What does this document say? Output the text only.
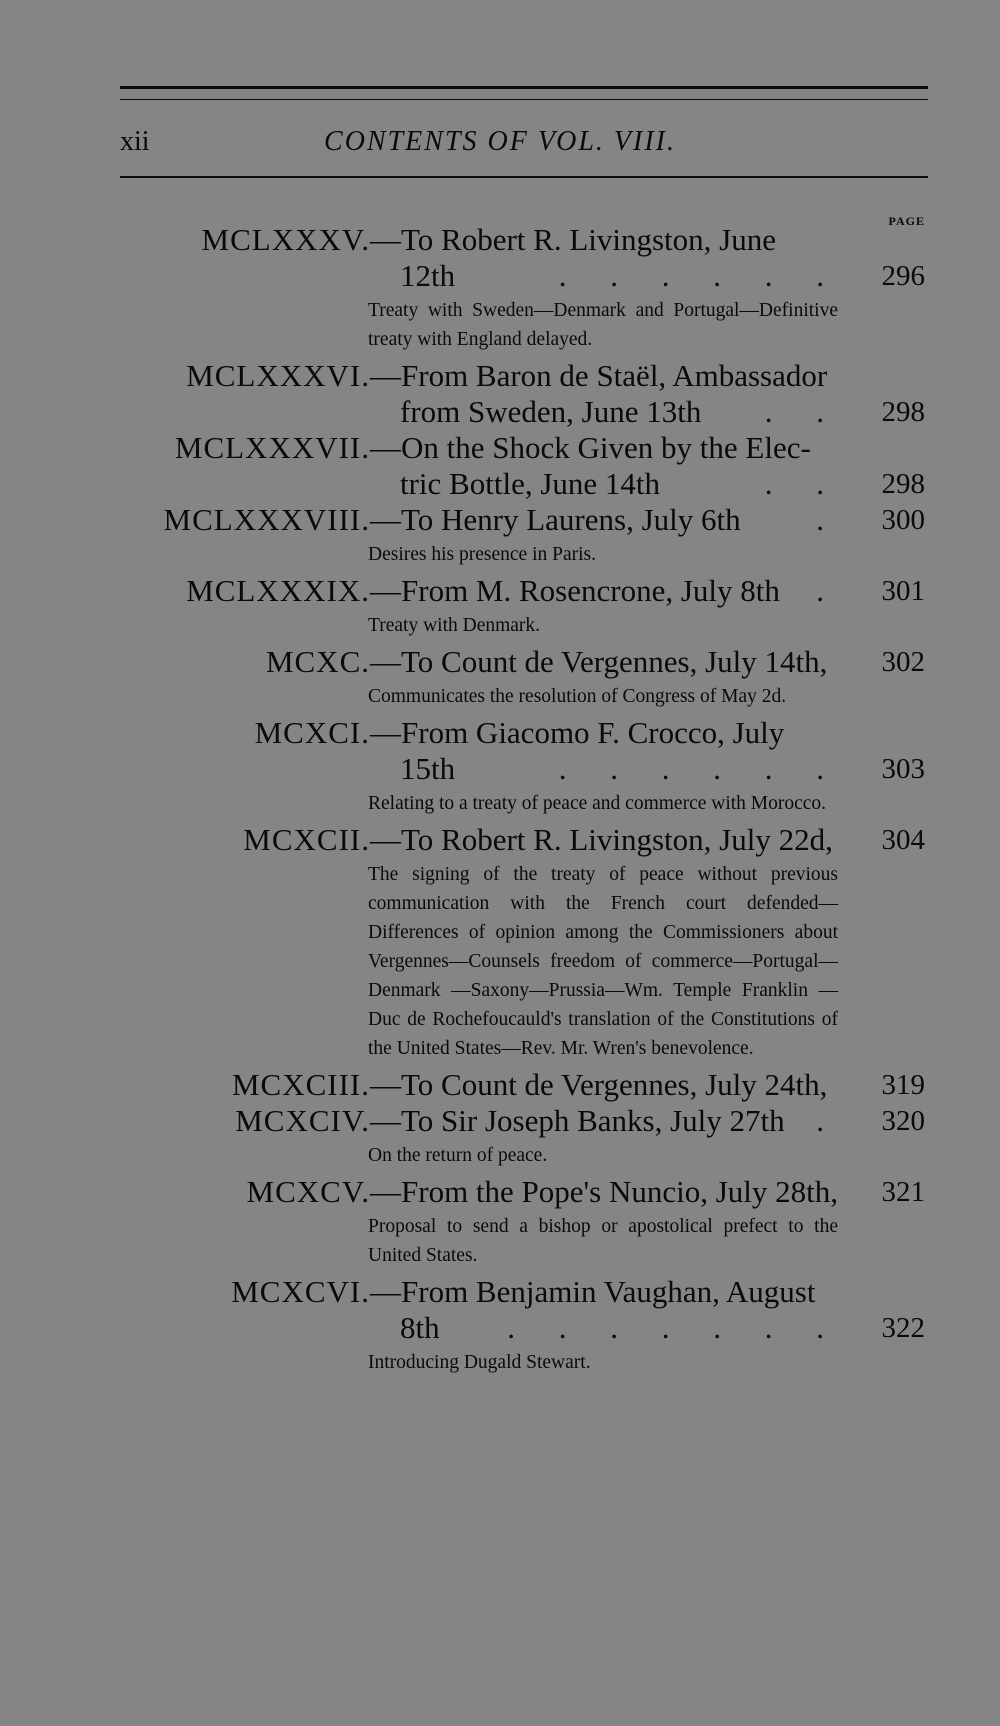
xii	CONTENTS OF VOL. VIII.
PAGE
MCLXXXV. —To Robert R. Livingston, June
12th	. . . . . . 296
Treaty with Sweden—Denmark and Portugal—Definitive treaty with England delayed.
MCLXXXVI. —From Baron de Staël, Ambassador
from Sweden, June 13th	. . 298
MCLXXXVII. —On the Shock Given by the Elec-
tric Bottle, June 14th	. . 298
MCLXXXVIII. —To Henry Laurens, July 6th	. 300
Desires his presence in Paris.
MCLXXXIX. —From M. Rosencrone, July 8th	. 301
Treaty with Denmark.
MCXC. —To Count de Vergennes, July 14th,	302
Communicates the resolution of Congress of May 2d.
MCXCI. —From Giacomo F. Crocco, July
15th	. . . . . . 303
Relating to a treaty of peace and commerce with Morocco.
MCXCII. —To Robert R. Livingston, July 22d,	304
The signing of the treaty of peace without previous communication with the French court defended—Differences of opinion among the Commissioners about Vergennes—Counsels freedom of commerce—Portugal—Denmark —Saxony—Prussia—Wm. Temple Franklin —Duc de Rochefoucauld's translation of the Constitutions of the United States—Rev. Mr. Wren's benevolence.
MCXCIII. —To Count de Vergennes, July 24th,	319
MCXCIV. —To Sir Joseph Banks, July 27th	. 320
On the return of peace.
MCXCV. —From the Pope's Nuncio, July 28th, 321
Proposal to send a bishop or apostolical prefect to the United States.
MCXCVI. —From Benjamin Vaughan, August
8th	. . . . . . . 322
Introducing Dugald Stewart.
